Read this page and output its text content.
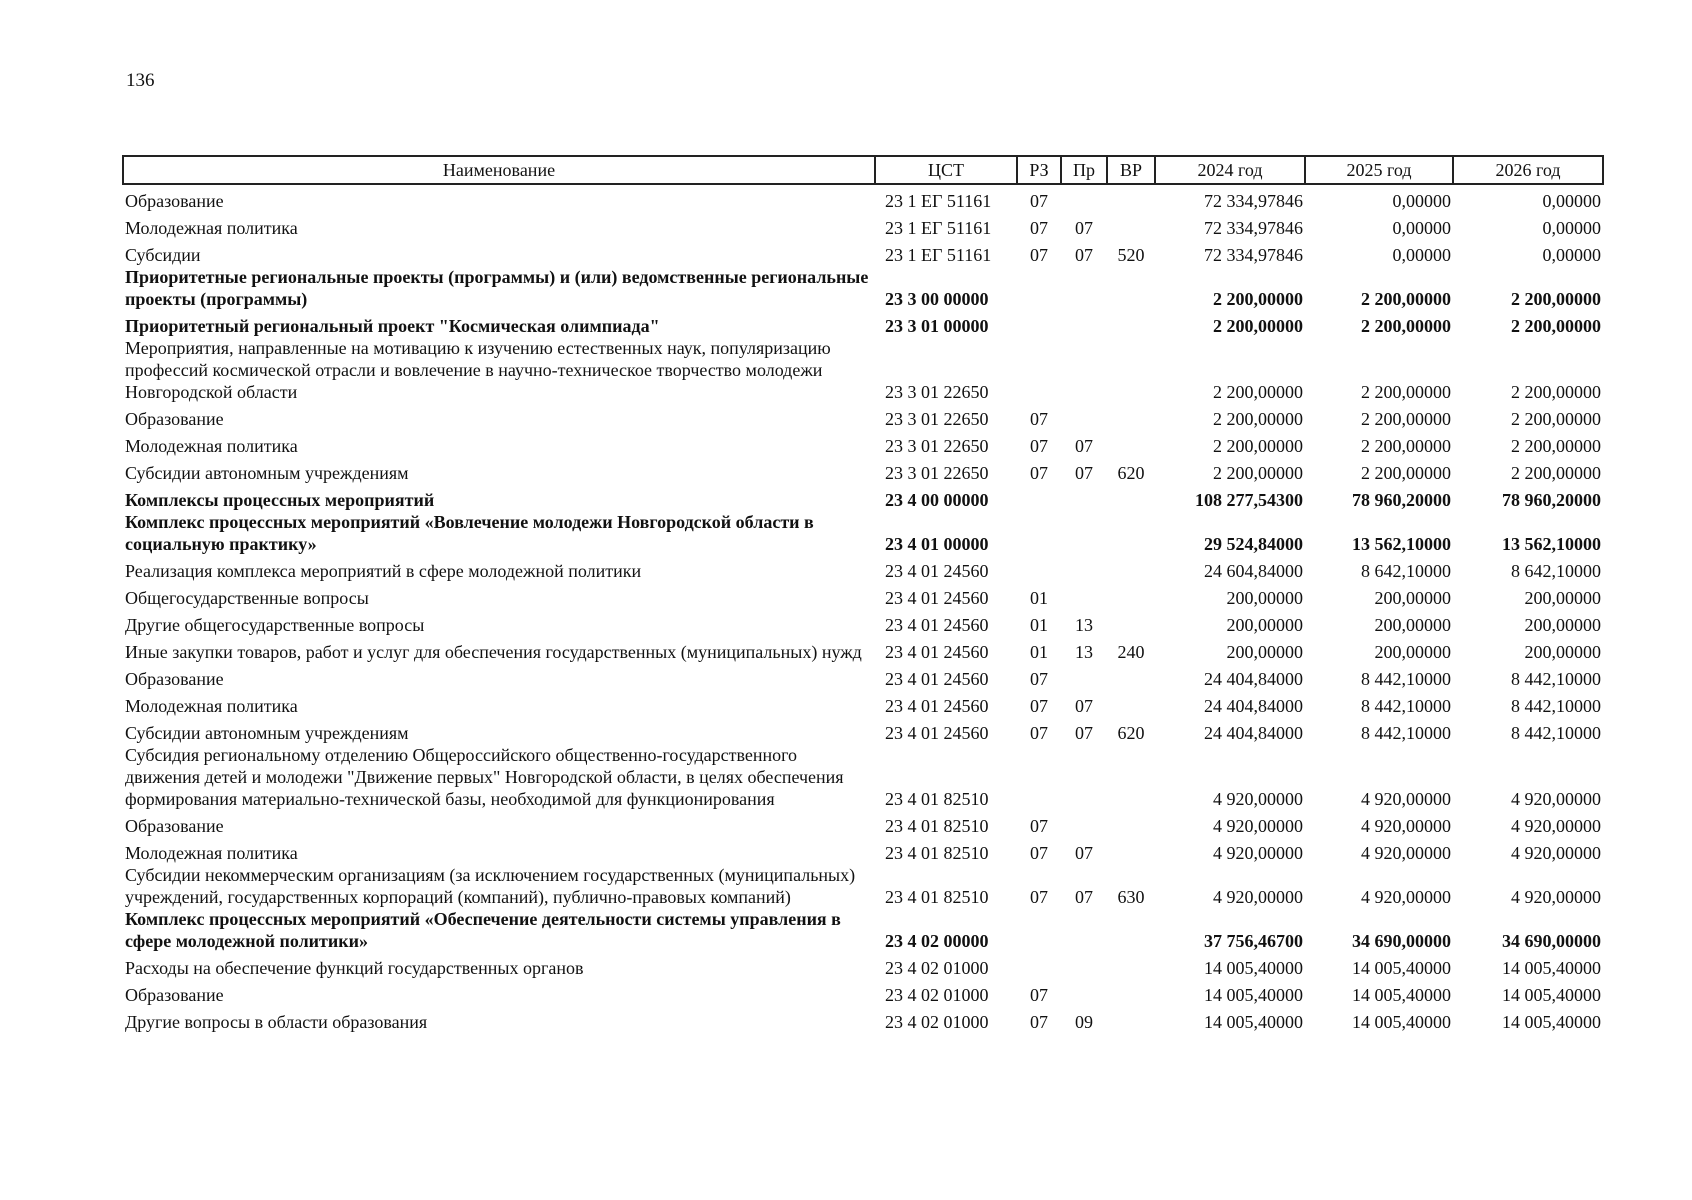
136
Наименование	ЦСТ	РЗ	Пр	ВР	2024 год	2025 год	2026 год
Образование	23 1 ЕГ 51161	07			72 334,97846	0,00000	0,00000
Молодежная политика	23 1 ЕГ 51161	07	07		72 334,97846	0,00000	0,00000
Субсидии	23 1 ЕГ 51161	07	07	520	72 334,97846	0,00000	0,00000
Приоритетные региональные проекты (программы) и (или) ведомственные региональные проекты (программы)	23 3 00 00000				2 200,00000	2 200,00000	2 200,00000
Приоритетный региональный проект "Космическая олимпиада"	23 3 01 00000				2 200,00000	2 200,00000	2 200,00000
Мероприятия, направленные на мотивацию к изучению естественных наук, популяризацию профессий космической отрасли и вовлечение в научно-техническое творчество молодежи Новгородской области	23 3 01 22650				2 200,00000	2 200,00000	2 200,00000
Образование	23 3 01 22650	07			2 200,00000	2 200,00000	2 200,00000
Молодежная политика	23 3 01 22650	07	07		2 200,00000	2 200,00000	2 200,00000
Субсидии автономным учреждениям	23 3 01 22650	07	07	620	2 200,00000	2 200,00000	2 200,00000
Комплексы процессных мероприятий	23 4 00 00000				108 277,54300	78 960,20000	78 960,20000
Комплекс процессных мероприятий «Вовлечение молодежи Новгородской области в социальную практику»	23 4 01 00000				29 524,84000	13 562,10000	13 562,10000
Реализация комплекса мероприятий в сфере молодежной политики	23 4 01 24560				24 604,84000	8 642,10000	8 642,10000
Общегосударственные вопросы	23 4 01 24560	01			200,00000	200,00000	200,00000
Другие общегосударственные вопросы	23 4 01 24560	01	13		200,00000	200,00000	200,00000
Иные закупки товаров, работ и услуг для обеспечения государственных (муниципальных) нужд	23 4 01 24560	01	13	240	200,00000	200,00000	200,00000
Образование	23 4 01 24560	07			24 404,84000	8 442,10000	8 442,10000
Молодежная политика	23 4 01 24560	07	07		24 404,84000	8 442,10000	8 442,10000
Субсидии автономным учреждениям	23 4 01 24560	07	07	620	24 404,84000	8 442,10000	8 442,10000
Субсидия региональному отделению Общероссийского общественно-государственного движения детей и молодежи "Движение первых" Новгородской области, в целях обеспечения формирования материально-технической базы, необходимой для функционирования	23 4 01 82510				4 920,00000	4 920,00000	4 920,00000
Образование	23 4 01 82510	07			4 920,00000	4 920,00000	4 920,00000
Молодежная политика	23 4 01 82510	07	07		4 920,00000	4 920,00000	4 920,00000
Субсидии некоммерческим организациям (за исключением государственных (муниципальных) учреждений, государственных корпораций (компаний), публично-правовых компаний)	23 4 01 82510	07	07	630	4 920,00000	4 920,00000	4 920,00000
Комплекс процессных мероприятий «Обеспечение деятельности системы управления в сфере молодежной политики»	23 4 02 00000				37 756,46700	34 690,00000	34 690,00000
Расходы на обеспечение функций государственных органов	23 4 02 01000				14 005,40000	14 005,40000	14 005,40000
Образование	23 4 02 01000	07			14 005,40000	14 005,40000	14 005,40000
Другие вопросы в области образования	23 4 02 01000	07	09		14 005,40000	14 005,40000	14 005,40000
